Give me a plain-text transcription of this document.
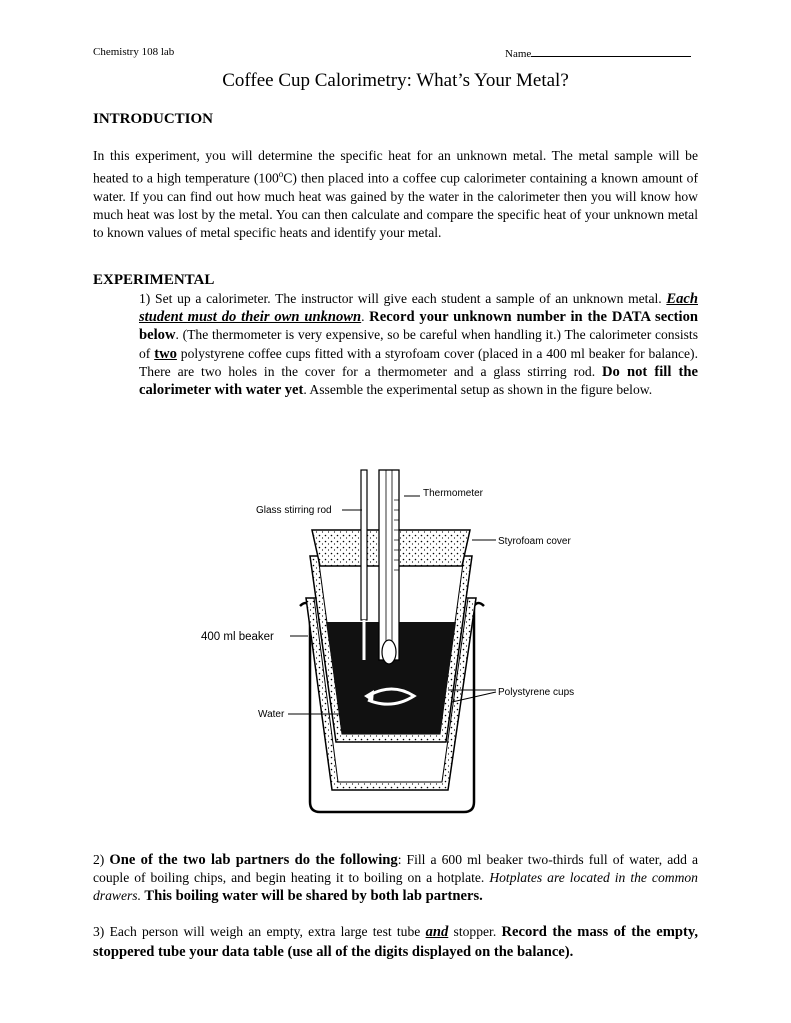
Chemistry 108 lab	Name
Coffee Cup Calorimetry: What’s Your Metal?
INTRODUCTION
In this experiment, you will determine the specific heat for an unknown metal. The metal sample will be heated to a high temperature (100$^o$C) then placed into a coffee cup calorimeter containing a known amount of water. If you can find out how much heat was gained by the water in the calorimeter then you will know how much heat was lost by the metal. You can then calculate and compare the specific heat of your unknown metal to known values of metal specific heats and identify your metal.
EXPERIMENTAL
1) Set up a calorimeter. The instructor will give each student a sample of an unknown metal. Each student must do their own unknown. Record your unknown number in the DATA section below. (The thermometer is very expensive, so be careful when handling it.) The calorimeter consists of two polystyrene coffee cups fitted with a styrofoam cover (placed in a 400 ml beaker for balance). There are two holes in the cover for a thermometer and a glass stirring rod. Do not fill the calorimeter with water yet. Assemble the experimental setup as shown in the figure below.
Thermometer
Glass stirring rod
Styrofoam cover
400 ml beaker
Polystyrene cups
Water
2) One of the two lab partners do the following: Fill a 600 ml beaker two-thirds full of water, add a couple of boiling chips, and begin heating it to boiling on a hotplate. Hotplates are located in the common drawers. This boiling water will be shared by both lab partners.
3) Each person will weigh an empty, extra large test tube and stopper. Record the mass of the empty, stoppered tube your data table (use all of the digits displayed on the balance).
